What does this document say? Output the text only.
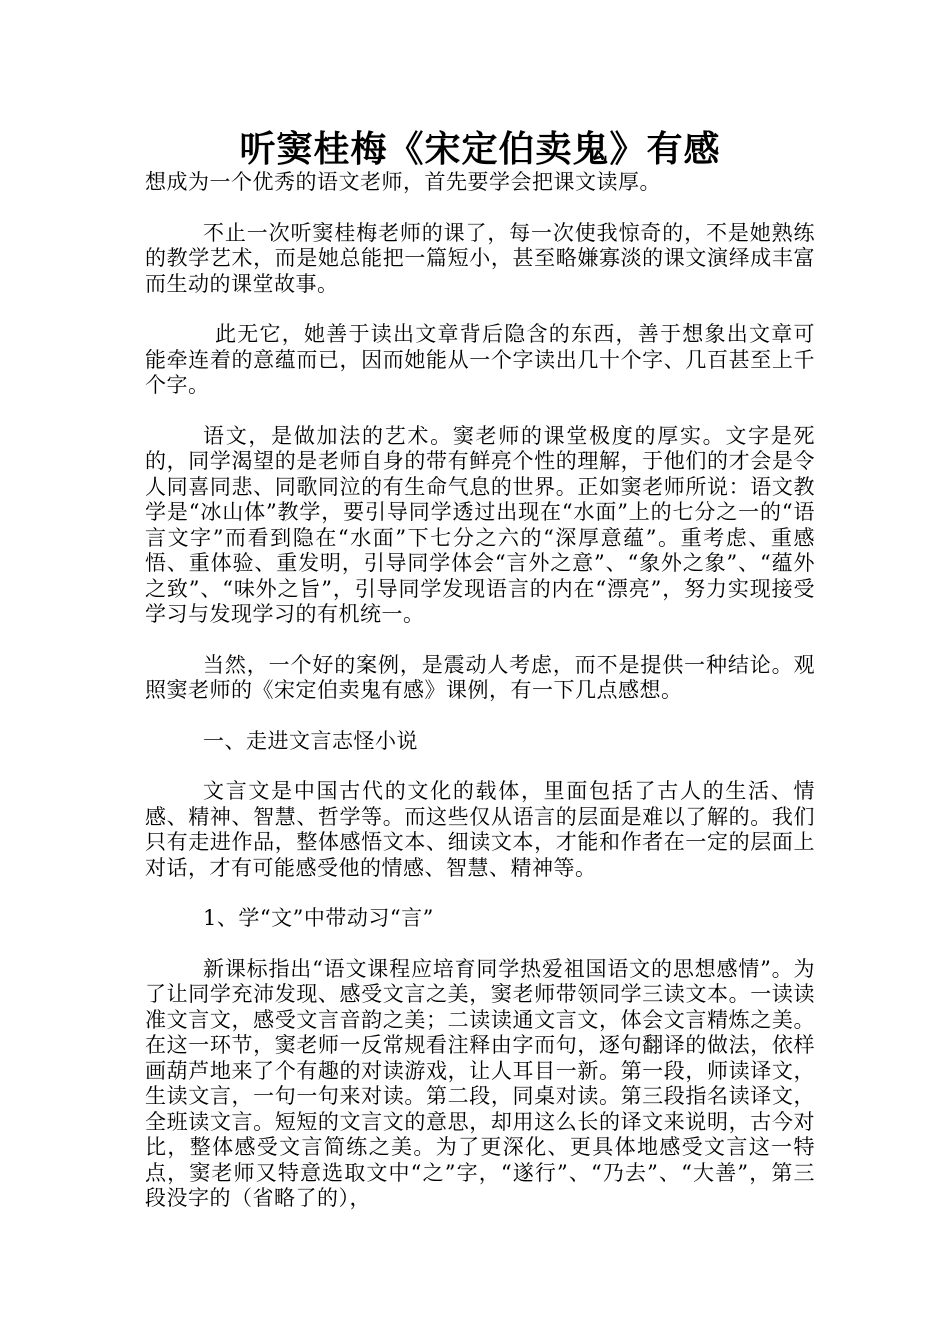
听窦桂梅《宋定伯卖鬼》有感

想成为一个优秀的语文老师，首先要学会把课文读厚。

不止一次听窦桂梅老师的课了，每一次使我惊奇的，不是她熟练的教学艺术，而是她总能把一篇短小，甚至略嫌寡淡的课文演绎成丰富而生动的课堂故事。

此无它，她善于读出文章背后隐含的东西，善于想象出文章可能牵连着的意蕴而已，因而她能从一个字读出几十个字、几百甚至上千个字。

语文，是做加法的艺术。窦老师的课堂极度的厚实。文字是死的，同学渴望的是老师自身的带有鲜亮个性的理解，于他们的才会是令人同喜同悲、同歌同泣的有生命气息的世界。正如窦老师所说：语文教学是“冰山体”教学，要引导同学透过出现在“水面”上的七分之一的“语言文字”而看到隐在“水面”下七分之六的“深厚意蕴”。重考虑、重感悟、重体验、重发明，引导同学体会“言外之意”、“象外之象”、“蕴外之致”、“味外之旨”，引导同学发现语言的内在“漂亮”，努力实现接受学习与发现学习的有机统一。

当然，一个好的案例，是震动人考虑，而不是提供一种结论。观照窦老师的《宋定伯卖鬼有感》课例，有一下几点感想。

一、走进文言志怪小说

文言文是中国古代的文化的载体，里面包括了古人的生活、情感、精神、智慧、哲学等。而这些仅从语言的层面是难以了解的。我们只有走进作品，整体感悟文本、细读文本，才能和作者在一定的层面上对话，才有可能感受他的情感、智慧、精神等。

1、学“文”中带动习“言”

新课标指出“语文课程应培育同学热爱祖国语文的思想感情”。为了让同学充沛发现、感受文言之美，窦老师带领同学三读文本。一读读准文言文，感受文言音韵之美；二读读通文言文，体会文言精炼之美。在这一环节，窦老师一反常规看注释由字而句，逐句翻译的做法，依样画葫芦地来了个有趣的对读游戏，让人耳目一新。第一段，师读译文，生读文言，一句一句来对读。第二段，同桌对读。第三段指名读译文，全班读文言。短短的文言文的意思，却用这么长的译文来说明，古今对比，整体感受文言简练之美。为了更深化、更具体地感受文言这一特点，窦老师又特意选取文中“之”字，“遂行”、“乃去”、“大善”，第三段没字的（省略了的），
